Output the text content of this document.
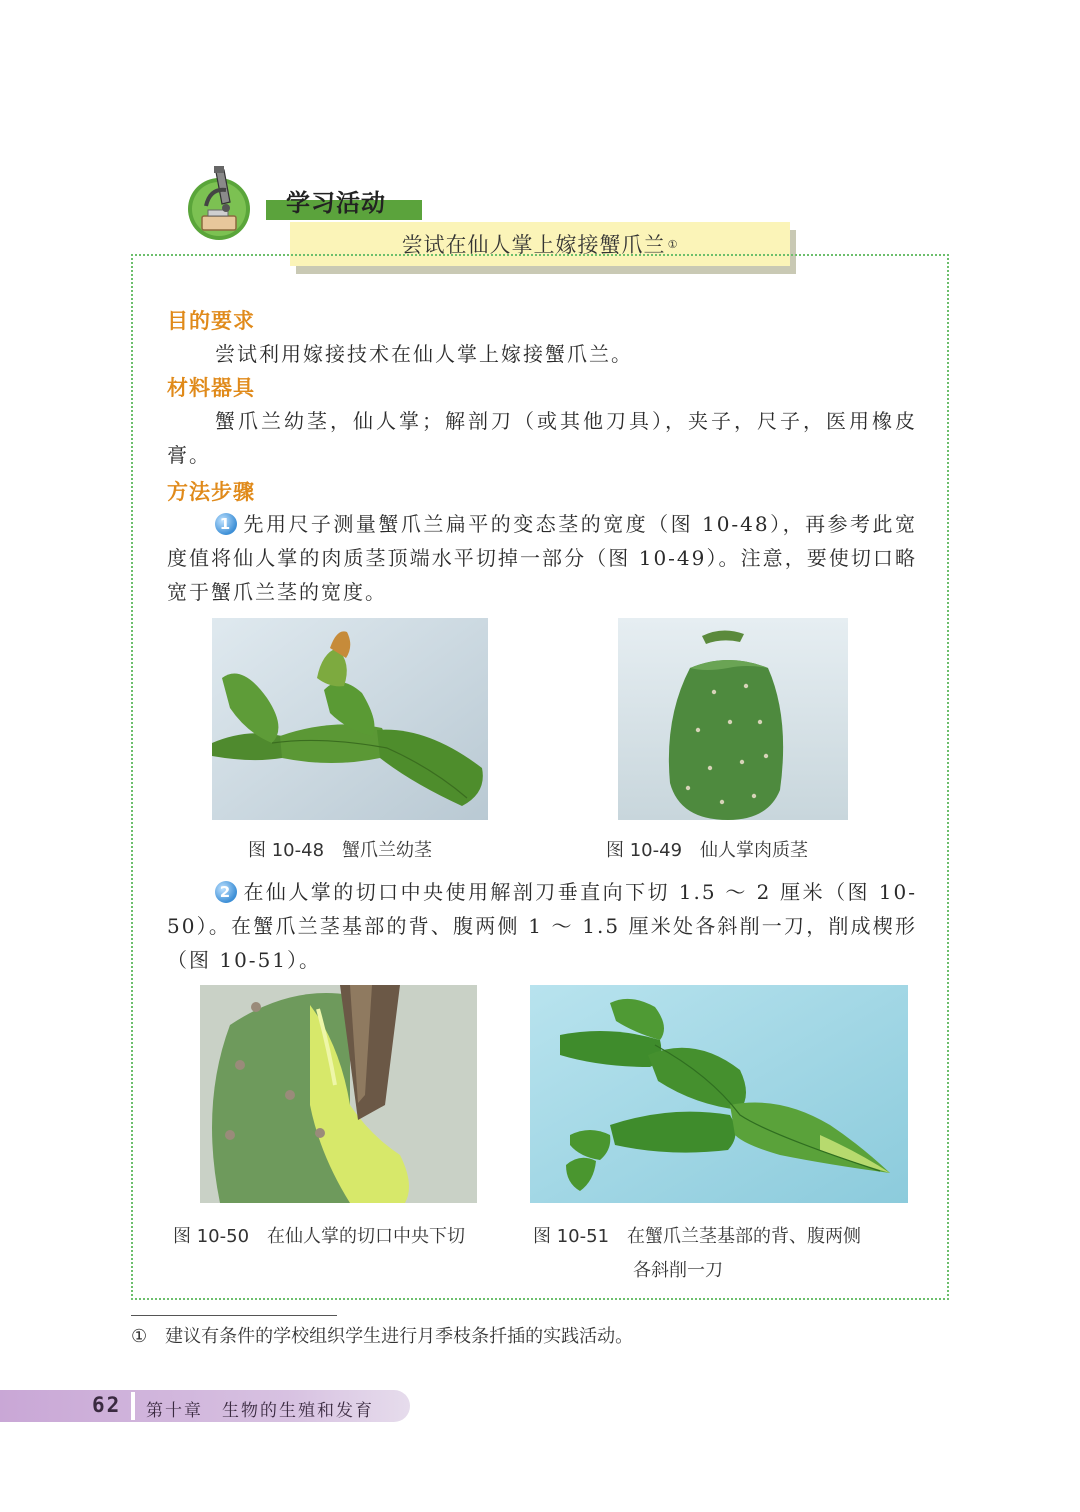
学习活动
尝试在仙人掌上嫁接蟹爪兰 ①
目的要求
尝试利用嫁接技术在仙人掌上嫁接蟹爪兰。
材料器具
蟹爪兰幼茎，仙人掌；解剖刀（或其他刀具），夹子，尺子，医用橡皮膏。
方法步骤
1 先用尺子测量蟹爪兰扁平的变态茎的宽度（图 10-48），再参考此宽度值将仙人掌的肉质茎顶端水平切掉一部分（图 10-49）。注意，要使切口略宽于蟹爪兰茎的宽度。
图 10-48　蟹爪兰幼茎	图 10-49　仙人掌肉质茎
2 在仙人掌的切口中央使用解剖刀垂直向下切 1.5 ～ 2 厘米（图 10-50）。在蟹爪兰茎基部的背、腹两侧 1 ～ 1.5 厘米处各斜削一刀，削成楔形（图 10-51）。
图 10-50　在仙人掌的切口中央下切	图 10-51　在蟹爪兰茎基部的背、腹两侧
各斜削一刀
①　建议有条件的学校组织学生进行月季枝条扦插的实践活动。
62 第十章　生物的生殖和发育
